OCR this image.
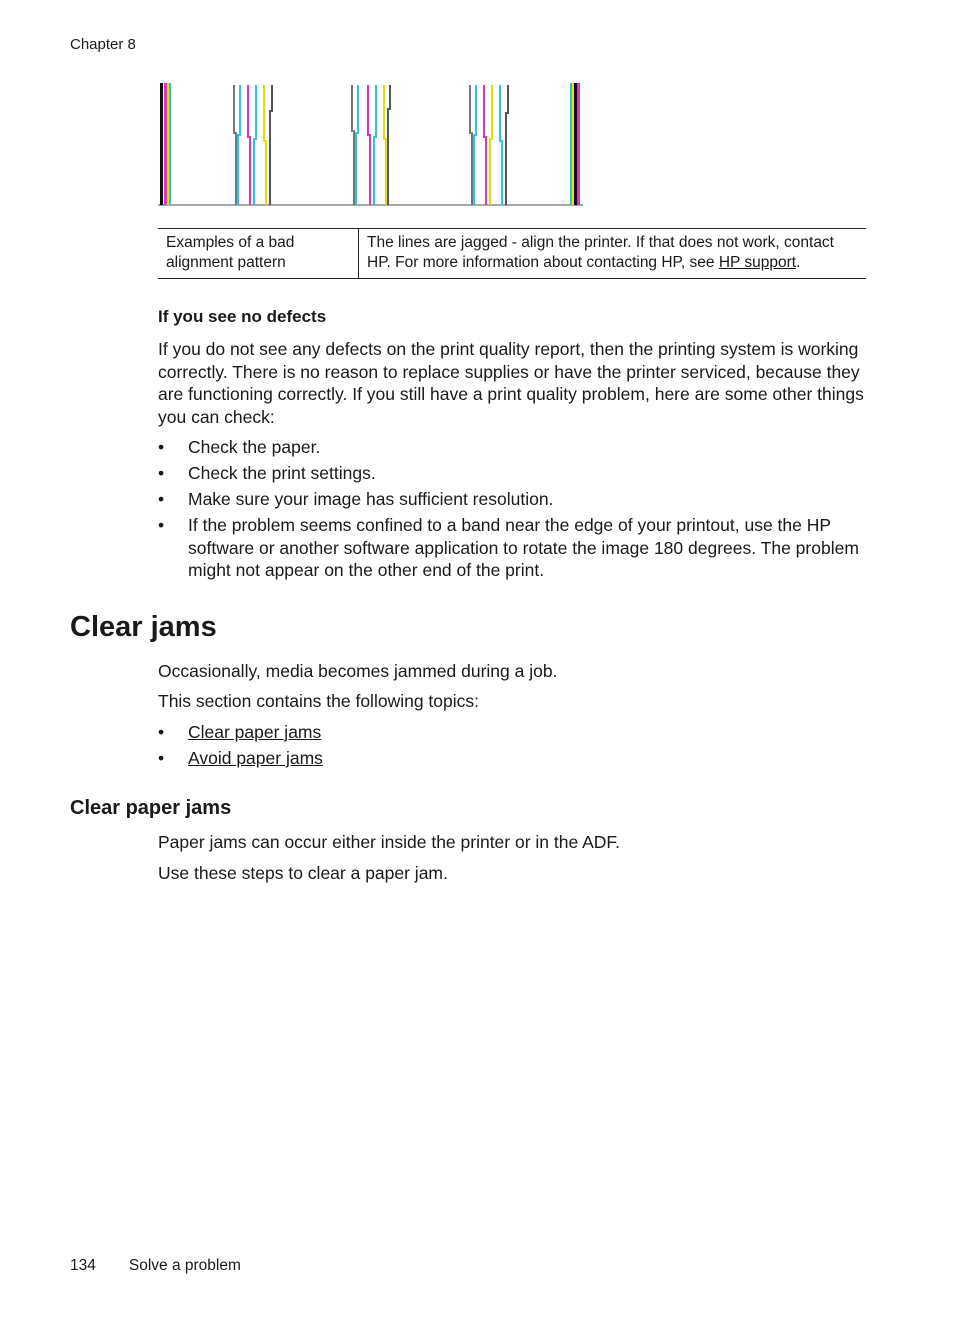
Chapter 8
Examples of a bad alignment pattern
The lines are jagged - align the printer. If that does not work, contact HP. For more information about contacting HP, see HP support.
If you see no defects
If you do not see any defects on the print quality report, then the printing system is working correctly. There is no reason to replace supplies or have the printer serviced, because they are functioning correctly. If you still have a print quality problem, here are some other things you can check:
• Check the paper.
• Check the print settings.
• Make sure your image has sufficient resolution.
• If the problem seems confined to a band near the edge of your printout, use the HP software or another software application to rotate the image 180 degrees. The problem might not appear on the other end of the print.
Clear jams
Occasionally, media becomes jammed during a job.
This section contains the following topics:
• Clear paper jams
• Avoid paper jams
Clear paper jams
Paper jams can occur either inside the printer or in the ADF.
Use these steps to clear a paper jam.
134 Solve a problem
